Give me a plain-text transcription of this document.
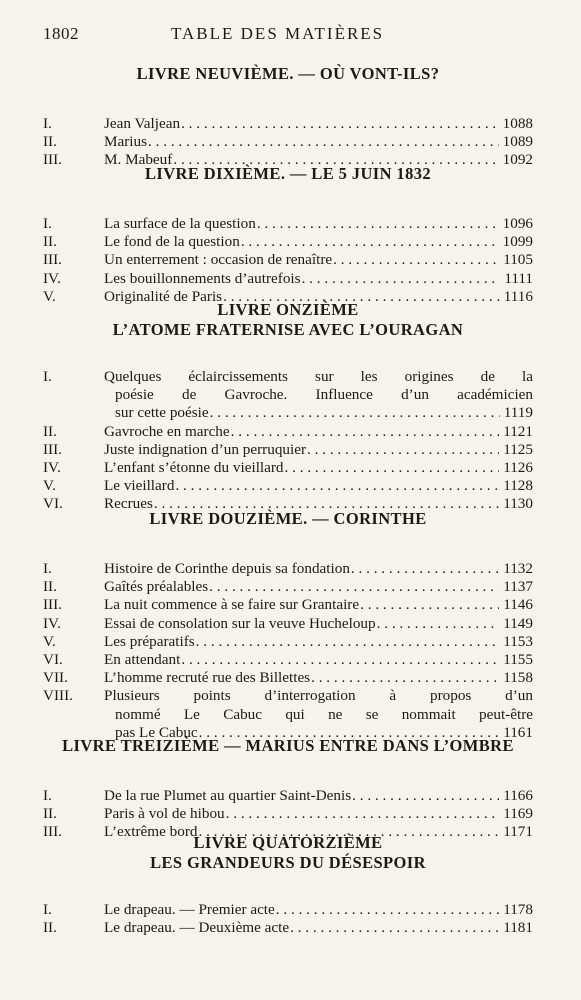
1802	TABLE DES MATIÈRES
LIVRE NEUVIÈME. — OÙ VONT-ILS?
I.	Jean Valjean . . .	1088
II.	Marius . . .	1089
III.	M. Mabeuf . . .	1092
LIVRE DIXIÈME. — LE 5 JUIN 1832
I.	La surface de la question . . .	1096
II.	Le fond de la question . . .	1099
III.	Un enterrement : occasion de renaître . . .	1105
IV.	Les bouillonnements d’autrefois . . .	1111
V.	Originalité de Paris . . .	1116
LIVRE ONZIÈME
L’ATOME FRATERNISE AVEC L’OURAGAN
I.	Quelques éclaircissements sur les origines de la
poésie de Gavroche. Influence d’un académicien
sur cette poésie . . .	1119
II.	Gavroche en marche . . .	1121
III.	Juste indignation d’un perruquier . . .	1125
IV.	L’enfant s’étonne du vieillard . . .	1126
V.	Le vieillard . . .	1128
VI.	Recrues . . .	1130
LIVRE DOUZIÈME. — CORINTHE
I.	Histoire de Corinthe depuis sa fondation . . .	1132
II.	Gaîtés préalables . . .	1137
III.	La nuit commence à se faire sur Grantaire . . .	1146
IV.	Essai de consolation sur la veuve Hucheloup . . .	1149
V.	Les préparatifs . . .	1153
VI.	En attendant . . .	1155
VII. L’homme recruté rue des Billettes . . .	1158
VIII. Plusieurs points d’interrogation à propos d’un
nommé Le Cabuc qui ne se nommait peut-être
pas Le Cabuc . . .	1161
LIVRE TREIZIÈME — MARIUS ENTRE DANS L’OMBRE
I.	De la rue Plumet au quartier Saint-Denis . . .	1166
II.	Paris à vol de hibou . . .	1169
III.	L’extrême bord . . .	1171
LIVRE QUATORZIÈME
LES GRANDEURS DU DÉSESPOIR
I.	Le drapeau. — Premier acte . . .	1178
II.	Le drapeau. — Deuxième acte . . .	1181
